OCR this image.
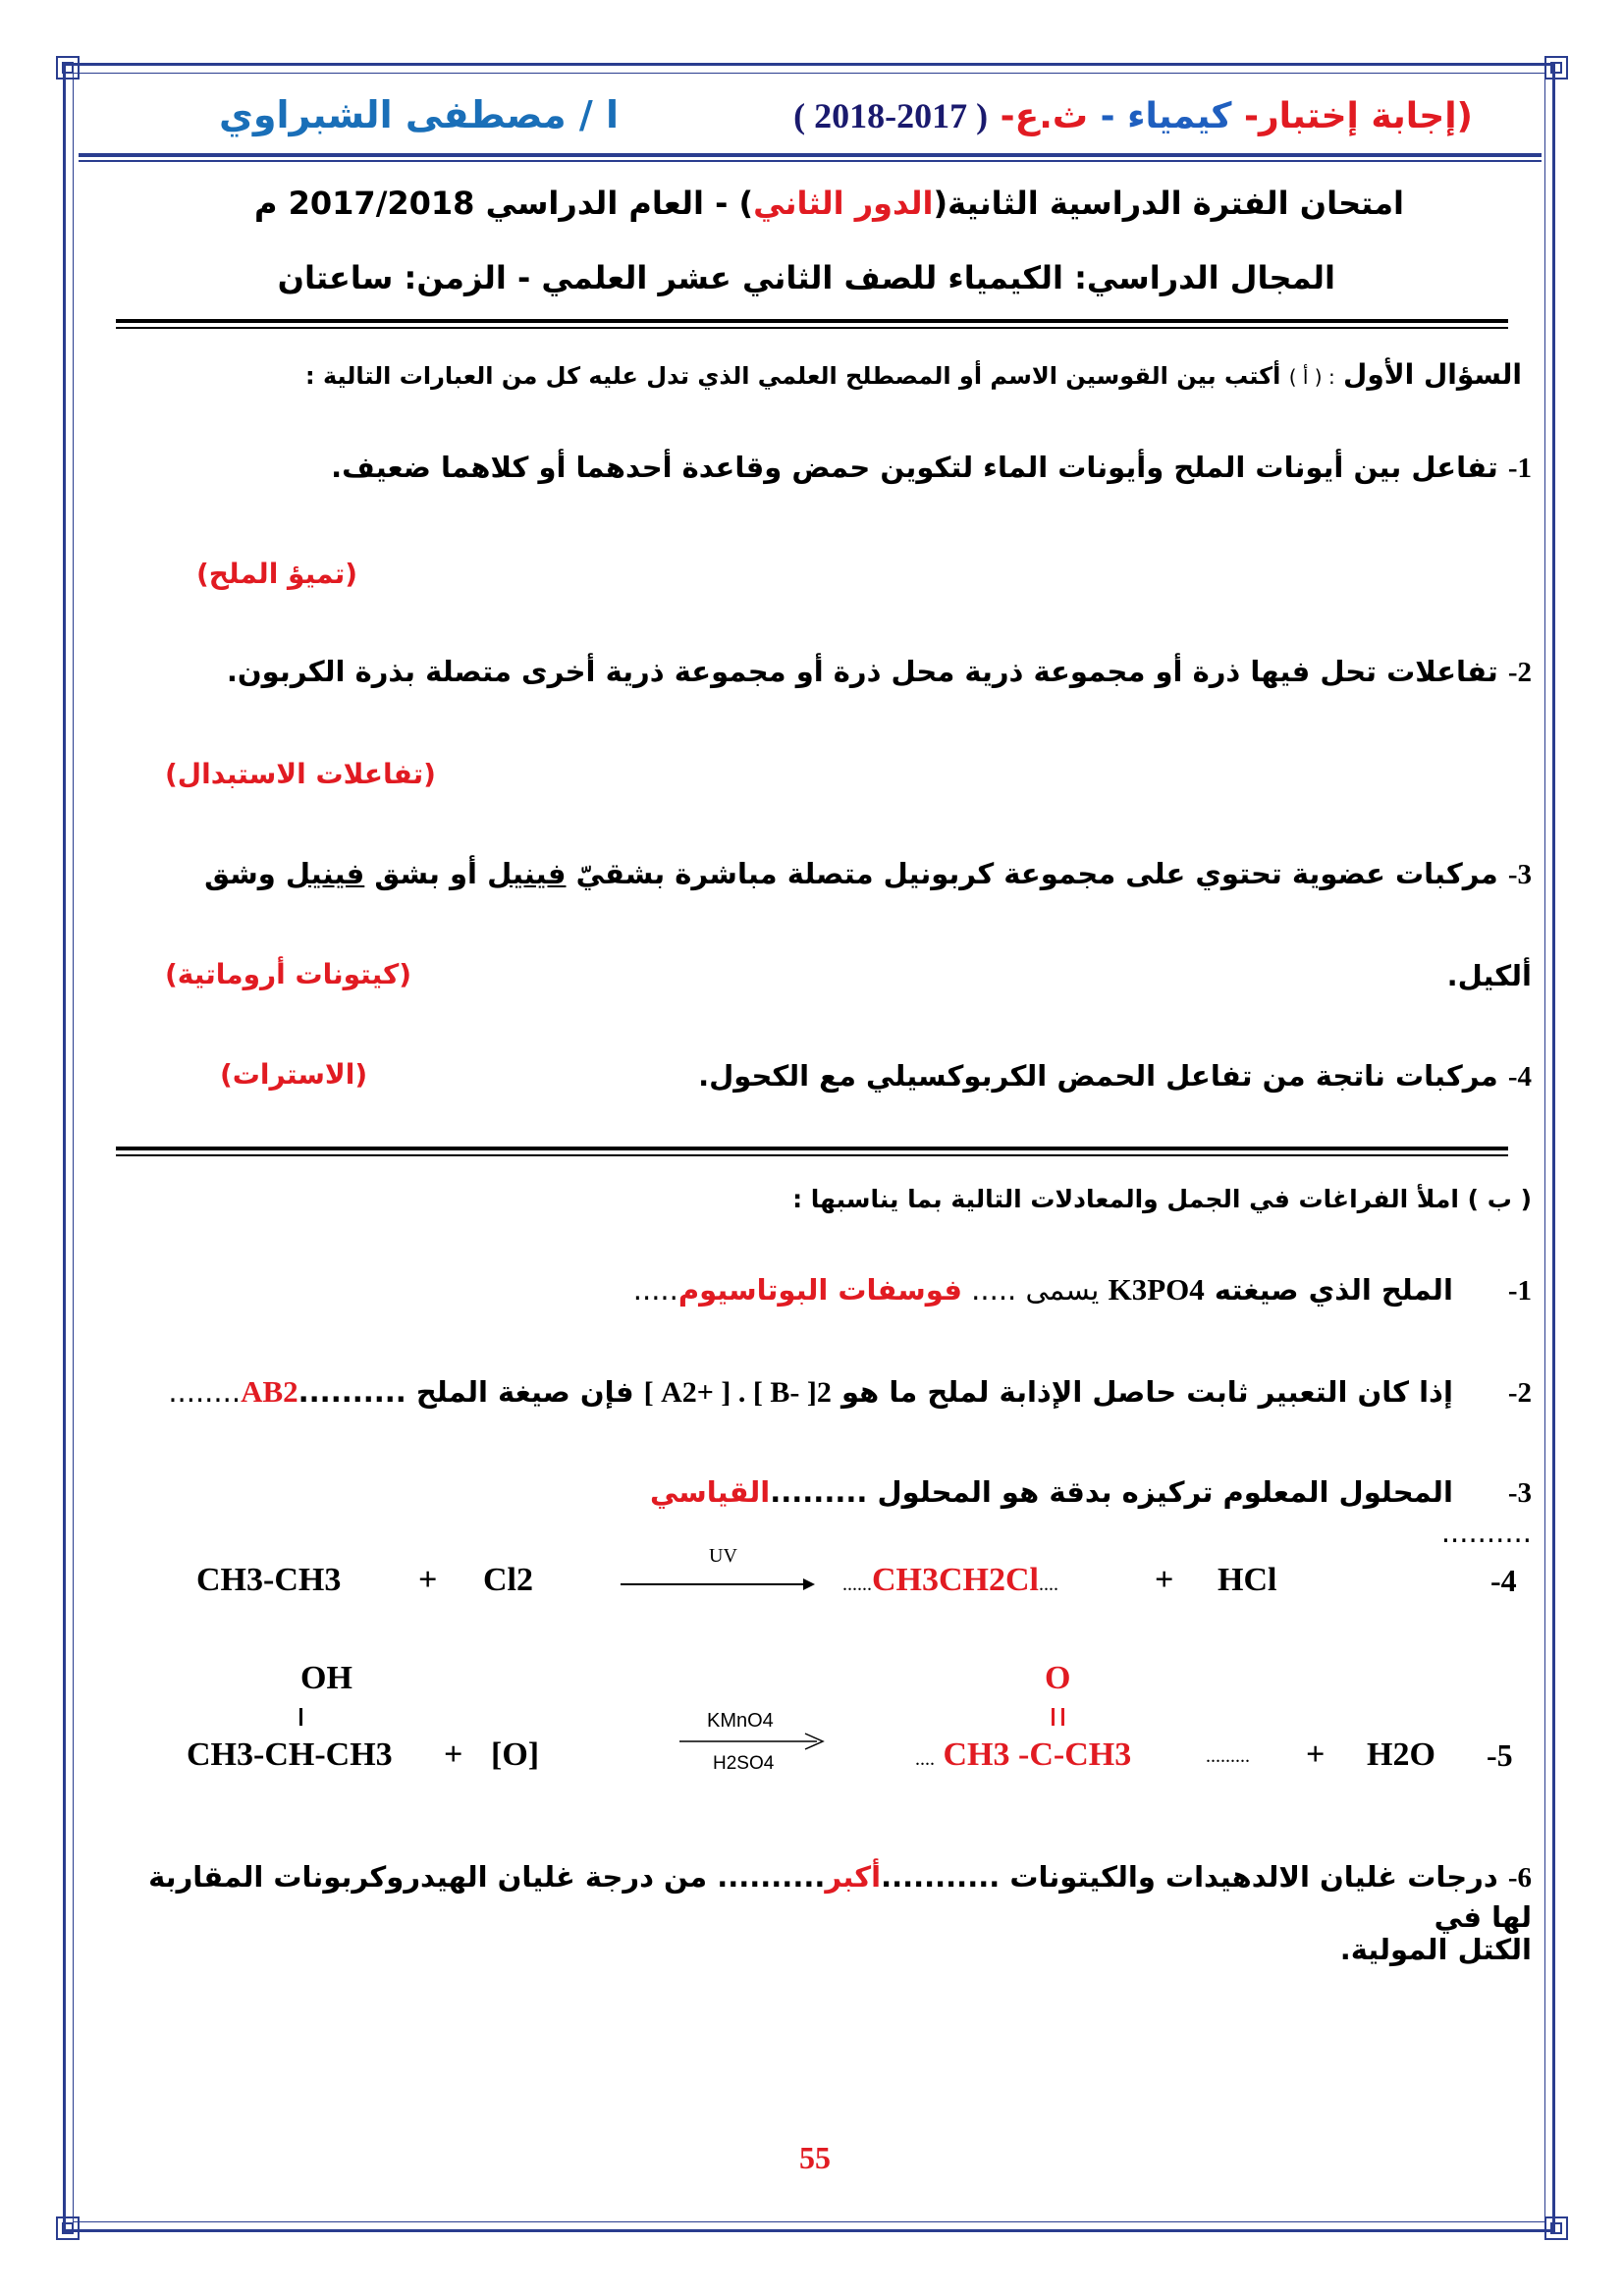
(إجابة إختبار- كيمياء - ث.ع- ( 2017-2018 )
ا / مصطفى الشبراوي
امتحان الفترة الدراسية الثانية(الدور الثاني) - العام الدراسي 2017/2018 م
المجال الدراسي: الكيمياء للصف الثاني عشر العلمي - الزمن: ساعتان
السؤال الأول : ( أ ) أكتب بين القوسين الاسم أو المصطلح العلمي الذي تدل عليه كل من العبارات التالية :
1- تفاعل بين أيونات الملح وأيونات الماء لتكوين حمض وقاعدة أحدهما أو كلاهما ضعيف.
(تميؤ الملح)
2- تفاعلات تحل فيها ذرة أو مجموعة ذرية محل ذرة أو مجموعة ذرية أخرى متصلة بذرة الكربون.
(تفاعلات الاستبدال)
3- مركبات عضوية تحتوي على مجموعة كربونيل متصلة مباشرة بشقيّ فينيل أو بشق فينيل وشق
ألكيل.
(كيتونات أروماتية)
4- مركبات ناتجة من تفاعل الحمض الكربوكسيلي مع الكحول.
(الاسترات)
( ب ) املأ الفراغات في الجمل والمعادلات التالية بما يناسبها :
1- الملح الذي صيغته K3PO4 يسمى ..... فوسفات البوتاسيوم.....
2- إذا كان التعبير ثابت حاصل الإذابة لملح ما هو [ A2+ ] . [ B- ]2 فإن صيغة الملح ..........AB2........
3- المحلول المعلوم تركيزه بدقة هو المحلول .........القياسي ..........
CH3-CH3 + Cl2
UV
......CH3CH2Cl....	+ HCl	-4
OH
CH3-CH-CH3 + [O]
KMnO4
H2SO4
O
.... CH3 -C-CH3	......... + H2O -5
6- درجات غليان الالدهيدات والكيتونات ...........أكبر.......... من درجة غليان الهيدروكربونات المقاربة لها في
الكتل المولية.
55
